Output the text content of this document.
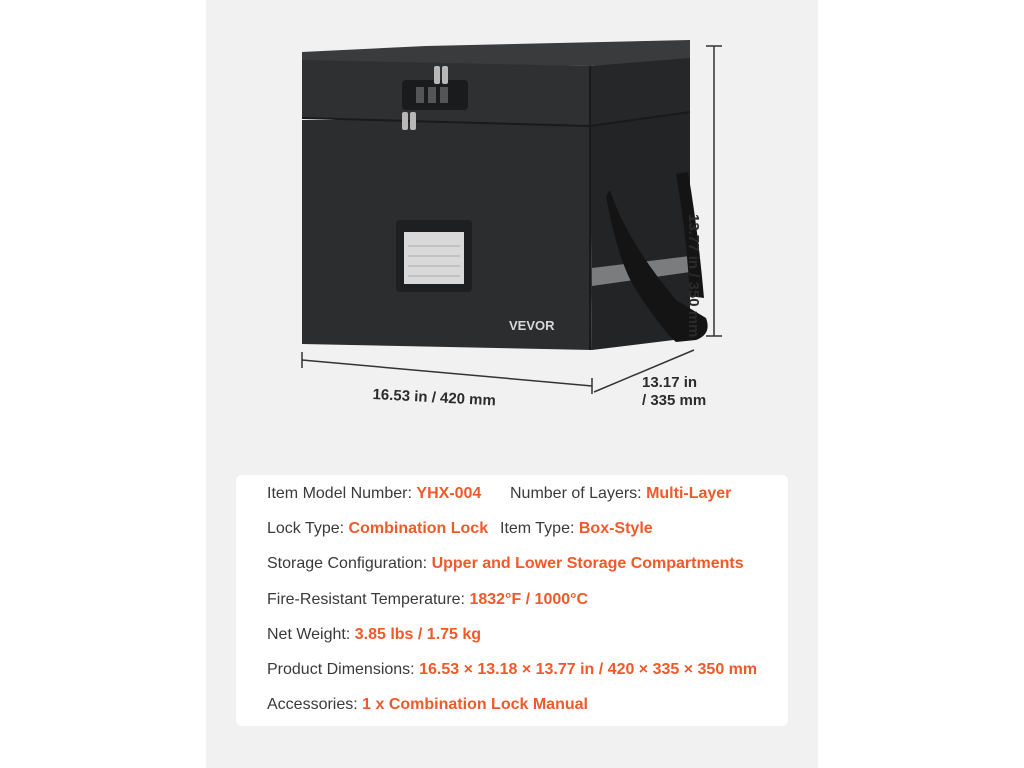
VEVOR
16.53 in / 420 mm
13.17 in
/ 335 mm
13.77 in / 350 mm
Item Model Number: YHX-004 Number of Layers: Multi-Layer
Lock Type: Combination Lock Item Type: Box-Style
Storage Configuration: Upper and Lower Storage Compartments
Fire-Resistant Temperature: 1832°F / 1000°C
Net Weight: 3.85 lbs / 1.75 kg
Product Dimensions: 16.53 × 13.18 × 13.77 in / 420 × 335 × 350 mm
Accessories: 1 x Combination Lock Manual
